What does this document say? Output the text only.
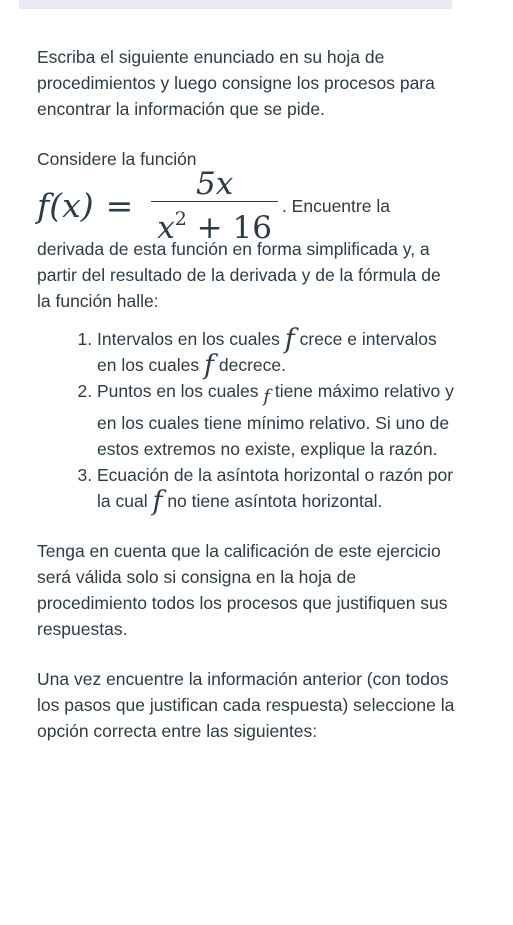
Escriba el siguiente enunciado en su hoja de procedimientos y luego consigne los procesos para encontrar la información que se pide.

Considere la función

$f(x) = \frac{5x}{x^2 + 16}$ . Encuentre la

derivada de esta función en forma simplificada y, a partir del resultado de la derivada y de la fórmula de la función halle:

1. Intervalos en los cuales f crece e intervalos en los cuales f decrece.
2. Puntos en los cuales f tiene máximo relativo y en los cuales tiene mínimo relativo. Si uno de estos extremos no existe, explique la razón.
3. Ecuación de la asíntota horizontal o razón por la cual f no tiene asíntota horizontal.

Tenga en cuenta que la calificación de este ejercicio será válida solo si consigna en la hoja de procedimiento todos los procesos que justifiquen sus respuestas.

Una vez encuentre la información anterior (con todos los pasos que justifican cada respuesta) seleccione la opción correcta entre las siguientes:
